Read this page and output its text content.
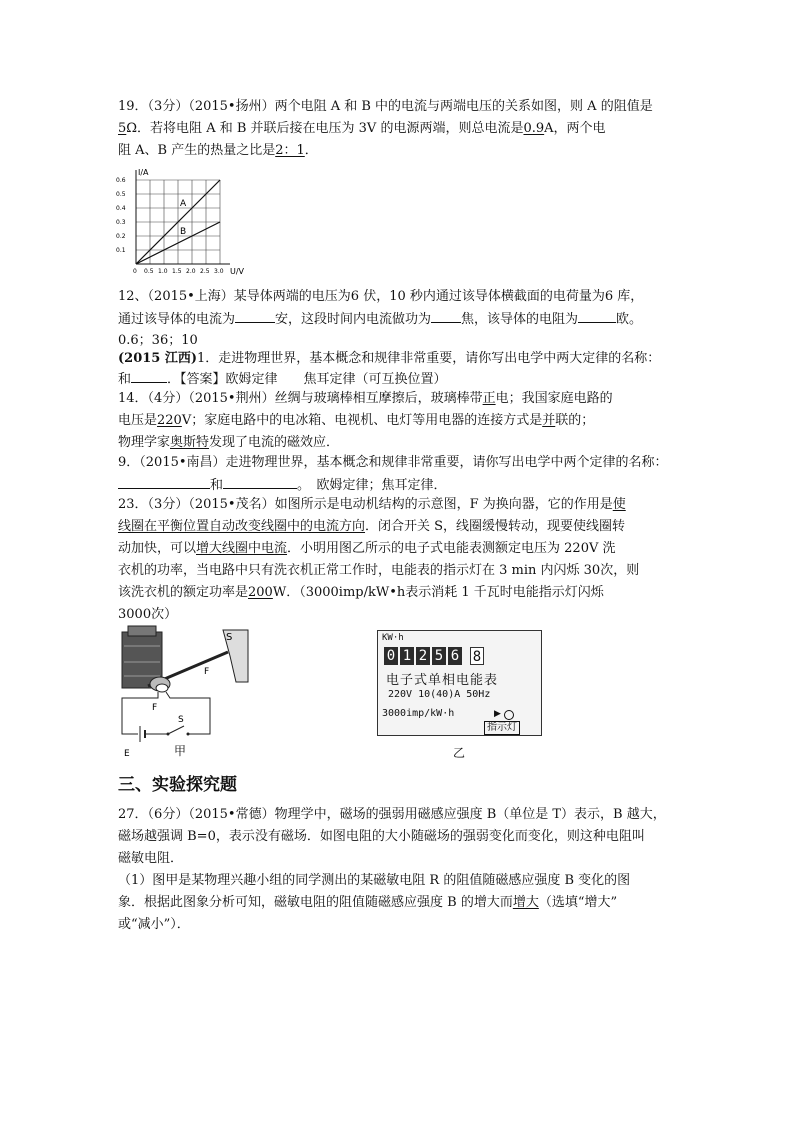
19．（3分）（2015•扬州）两个电阻 A 和 B 中的电流与两端电压的关系如图，则 A 的阻值是
5Ω．若将电阻 A 和 B 并联后接在电压为 3V 的电源两端，则总电流是0.9A，两个电
阻 A、B 产生的热量之比是2：1．
0 0.5 1.0 1.5 2.0 2.5 3.0
0.6
0.5
0.4
0.3
0.2
0.1
I/A
U/V
A
B
12、（2015•上海）某导体两端的电压为6 伏，10 秒内通过该导体横截面的电荷量为6 库，
通过该导体的电流为	安，这段时间内电流做功为 焦，该导体的电阻为	欧。
0.6；36；10
(2015 江西)1．走进物理世界，基本概念和规律非常重要，请你写出电学中两大定律的名称：
和	．【答案】欧姆定律　　焦耳定律（可互换位置）
14．（4分）（2015•荆州）丝绸与玻璃棒相互摩擦后，玻璃棒带正电；我国家庭电路的
电压是220V；家庭电路中的电冰箱、电视机、电灯等用电器的连接方式是并联的；
物理学家奥斯特发现了电流的磁效应．
9．（2015•南昌）走进物理世界，基本概念和规律非常重要，请你写出电学中两个定律的名称：
和	。　欧姆定律；焦耳定律．
23．（3分）（2015•茂名）如图所示是电动机结构的示意图，F 为换向器，它的作用是使
线圈在平衡位置自动改变线圈中的电流方向．闭合开关 S，线圈缓慢转动，现要使线圈转
动加快，可以增大线圈中电流．小明用图乙所示的电子式电能表测额定电压为 220V 洗
衣机的功率，当电路中只有洗衣机正常工作时，电能表的指示灯在 3 min 内闪烁 30次，则
该洗衣机的额定功率是200W．（3000imp/kW•h表示消耗 1 千瓦时电能指示灯闪烁
3000次）
S
F
F
S
E	甲
KW·h
0 1 2 5 6 8
电子式单相电能表
220V 10(40)A 50Hz
3000imp/kW·h	▶
指示灯
乙
三、实验探究题
27．（6分）（2015•常德）物理学中，磁场的强弱用磁感应强度 B（单位是 T）表示，B 越大，
磁场越强调 B=0，表示没有磁场．如图电阻的大小随磁场的强弱变化而变化，则这种电阻叫
磁敏电阻．
（1）图甲是某物理兴趣小组的同学测出的某磁敏电阻 R 的阻值随磁感应强度 B 变化的图
象．根据此图象分析可知，磁敏电阻的阻值随磁感应强度 B 的增大而增大（选填“增大”
或“减小”）．
